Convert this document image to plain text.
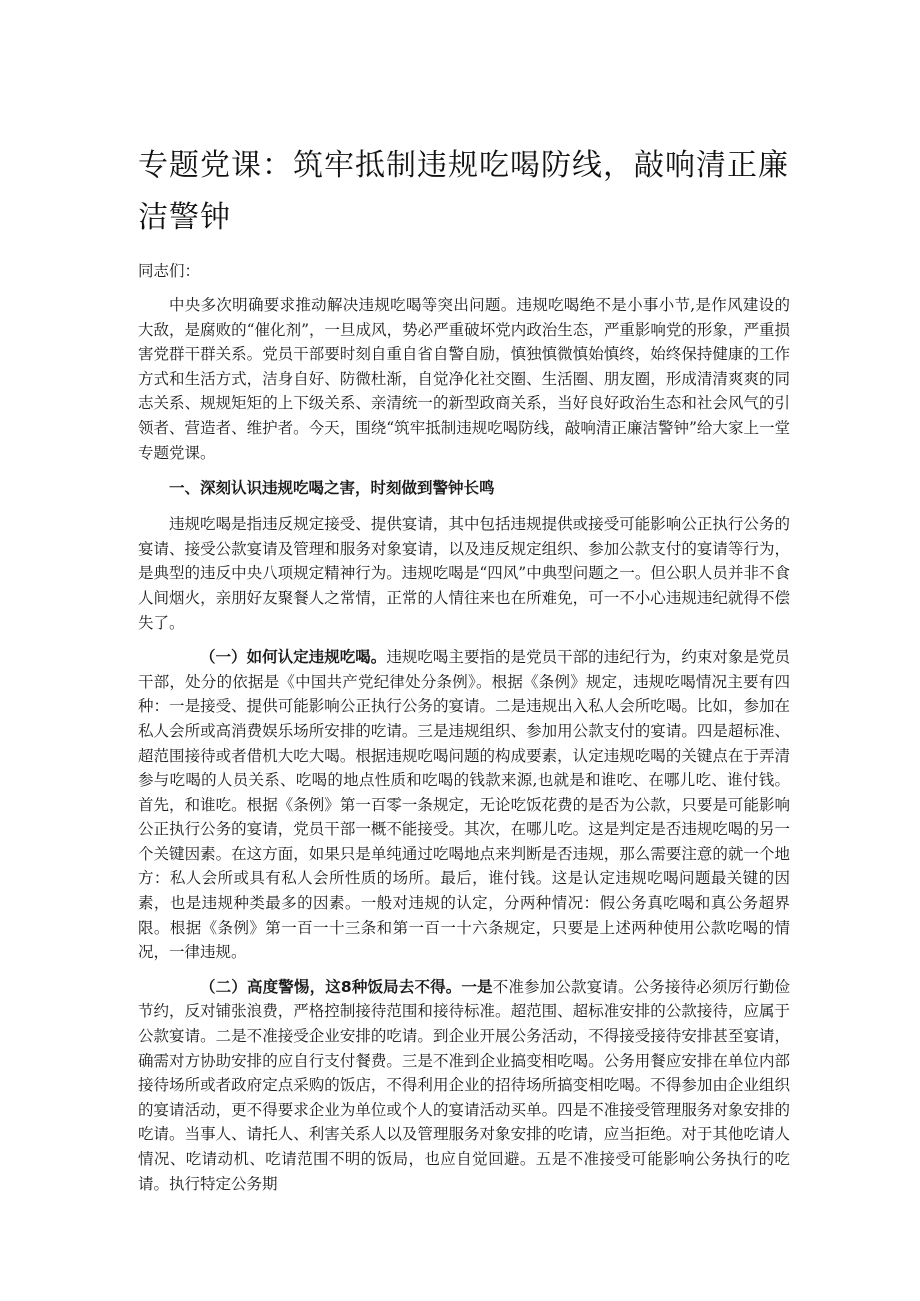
专题党课：筑牢抵制违规吃喝防线，敲响清正廉洁警钟

同志们：

中央多次明确要求推动解决违规吃喝等突出问题。违规吃喝绝不是小事小节,是作风建设的大敌，是腐败的“催化剂”，一旦成风，势必严重破坏党内政治生态，严重影响党的形象，严重损害党群干群关系。党员干部要时刻自重自省自警自励，慎独慎微慎始慎终，始终保持健康的工作方式和生活方式，洁身自好、防微杜渐，自觉净化社交圈、生活圈、朋友圈，形成清清爽爽的同志关系、规规矩矩的上下级关系、亲清统一的新型政商关系，当好良好政治生态和社会风气的引领者、营造者、维护者。今天，围绕“筑牢抵制违规吃喝防线，敲响清正廉洁警钟”给大家上一堂专题党课。

一、深刻认识违规吃喝之害，时刻做到警钟长鸣

违规吃喝是指违反规定接受、提供宴请，其中包括违规提供或接受可能影响公正执行公务的宴请、接受公款宴请及管理和服务对象宴请，以及违反规定组织、参加公款支付的宴请等行为，是典型的违反中央八项规定精神行为。违规吃喝是“四风”中典型问题之一。但公职人员并非不食人间烟火，亲朋好友聚餐人之常情，正常的人情往来也在所难免，可一不小心违规违纪就得不偿失了。

（一）如何认定违规吃喝。违规吃喝主要指的是党员干部的违纪行为，约束对象是党员干部，处分的依据是《中国共产党纪律处分条例》。根据《条例》规定，违规吃喝情况主要有四种：一是接受、提供可能影响公正执行公务的宴请。二是违规出入私人会所吃喝。比如，参加在私人会所或高消费娱乐场所安排的吃请。三是违规组织、参加用公款支付的宴请。四是超标准、超范围接待或者借机大吃大喝。根据违规吃喝问题的构成要素，认定违规吃喝的关键点在于弄清参与吃喝的人员关系、吃喝的地点性质和吃喝的钱款来源,也就是和谁吃、在哪儿吃、谁付钱。首先，和谁吃。根据《条例》第一百零一条规定，无论吃饭花费的是否为公款，只要是可能影响公正执行公务的宴请，党员干部一概不能接受。其次，在哪儿吃。这是判定是否违规吃喝的另一个关键因素。在这方面，如果只是单纯通过吃喝地点来判断是否违规，那么需要注意的就一个地方：私人会所或具有私人会所性质的场所。最后，谁付钱。这是认定违规吃喝问题最关键的因素，也是违规种类最多的因素。一般对违规的认定，分两种情况：假公务真吃喝和真公务超界限。根据《条例》第一百一十三条和第一百一十六条规定，只要是上述两种使用公款吃喝的情况，一律违规。

（二）高度警惕，这8种饭局去不得。一是不准参加公款宴请。公务接待必须厉行勤俭节约，反对铺张浪费，严格控制接待范围和接待标准。超范围、超标准安排的公款接待，应属于公款宴请。二是不准接受企业安排的吃请。到企业开展公务活动，不得接受接待安排甚至宴请，确需对方协助安排的应自行支付餐费。三是不准到企业搞变相吃喝。公务用餐应安排在单位内部接待场所或者政府定点采购的饭店，不得利用企业的招待场所搞变相吃喝。不得参加由企业组织的宴请活动，更不得要求企业为单位或个人的宴请活动买单。四是不准接受管理服务对象安排的吃请。当事人、请托人、利害关系人以及管理服务对象安排的吃请，应当拒绝。对于其他吃请人情况、吃请动机、吃请范围不明的饭局，也应自觉回避。五是不准接受可能影响公务执行的吃请。执行特定公务期
